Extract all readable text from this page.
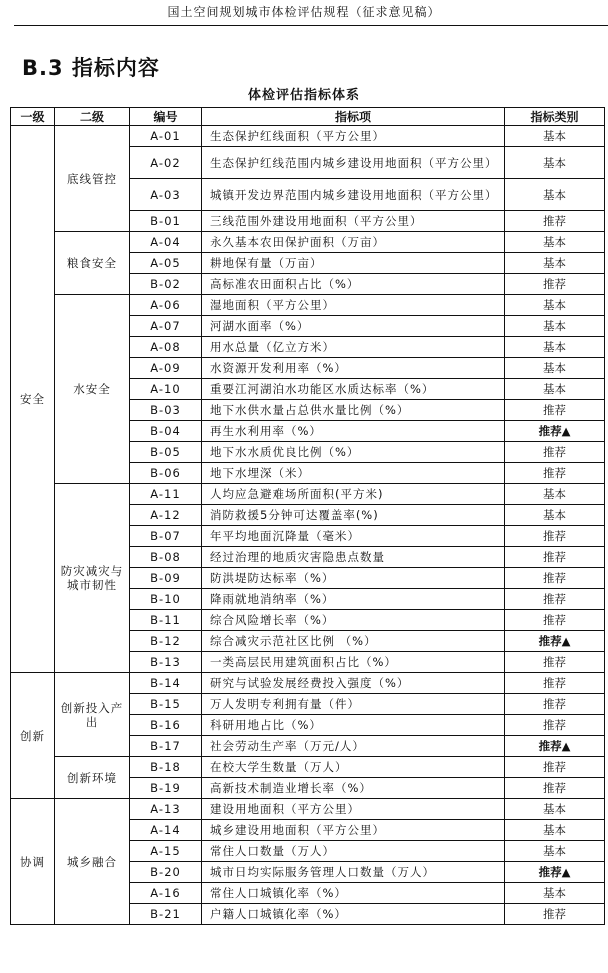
国土空间规划城市体检评估规程（征求意见稿）
B.3 指标内容
体检评估指标体系
一级	二级	编号	指标项	指标类别
安全	底线管控	A-01	生态保护红线面积（平方公里）	基本
		A-02	生态保护红线范围内城乡建设用地面积（平方公里）	基本
		A-03	城镇开发边界范围内城乡建设用地面积（平方公里）	基本
		B-01	三线范围外建设用地面积（平方公里）	推荐
	粮食安全	A-04	永久基本农田保护面积（万亩）	基本
		A-05	耕地保有量（万亩）	基本
		B-02	高标准农田面积占比（%）	推荐
	水安全	A-06	湿地面积（平方公里）	基本
		A-07	河湖水面率（%）	基本
		A-08	用水总量（亿立方米）	基本
		A-09	水资源开发利用率（%）	基本
		A-10	重要江河湖泊水功能区水质达标率（%）	基本
		B-03	地下水供水量占总供水量比例（%）	推荐
		B-04	再生水利用率（%）	推荐▲
		B-05	地下水水质优良比例（%）	推荐
		B-06	地下水埋深（米）	推荐
	防灾减灾与城市韧性	A-11	人均应急避难场所面积(平方米)	基本
		A-12	消防救援5分钟可达覆盖率(%)	基本
		B-07	年平均地面沉降量（毫米）	推荐
		B-08	经过治理的地质灾害隐患点数量	推荐
		B-09	防洪堤防达标率（%）	推荐
		B-10	降雨就地消纳率（%）	推荐
		B-11	综合风险增长率（%）	推荐
		B-12	综合减灾示范社区比例 （%）	推荐▲
		B-13	一类高层民用建筑面积占比（%）	推荐
创新	创新投入产出	B-14	研究与试验发展经费投入强度（%）	推荐
		B-15	万人发明专利拥有量（件）	推荐
		B-16	科研用地占比（%）	推荐
		B-17	社会劳动生产率（万元/人）	推荐▲
	创新环境	B-18	在校大学生数量（万人）	推荐
		B-19	高新技术制造业增长率（%）	推荐
协调	城乡融合	A-13	建设用地面积（平方公里）	基本
		A-14	城乡建设用地面积（平方公里）	基本
		A-15	常住人口数量（万人）	基本
		B-20	城市日均实际服务管理人口数量（万人）	推荐▲
		A-16	常住人口城镇化率（%）	基本
		B-21	户籍人口城镇化率（%）	推荐
